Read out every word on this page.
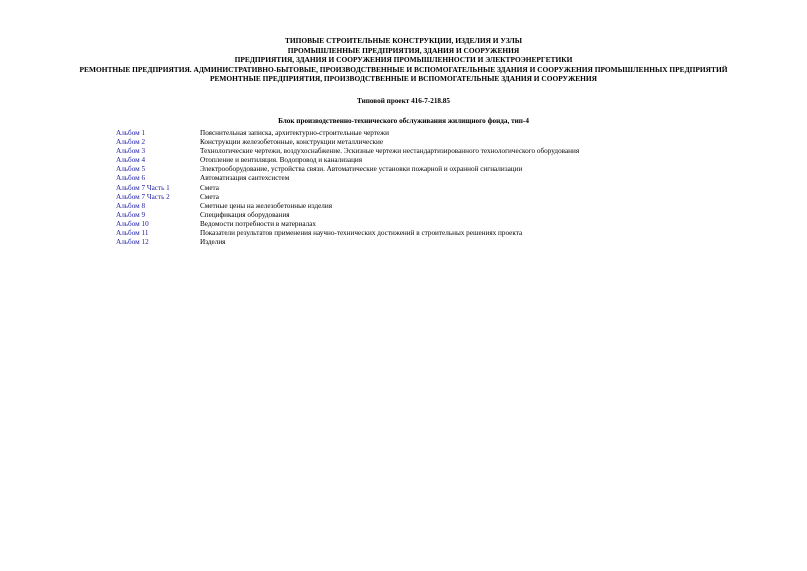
ТИПОВЫЕ СТРОИТЕЛЬНЫЕ КОНСТРУКЦИИ, ИЗДЕЛИЯ И УЗЛЫ
ПРОМЫШЛЕННЫЕ ПРЕДПРИЯТИЯ, ЗДАНИЯ И СООРУЖЕНИЯ
ПРЕДПРИЯТИЯ, ЗДАНИЯ И СООРУЖЕНИЯ ПРОМЫШЛЕННОСТИ И ЭЛЕКТРОЭНЕРГЕТИКИ
РЕМОНТНЫЕ ПРЕДПРИЯТИЯ. АДМИНИСТРАТИВНО-БЫТОВЫЕ, ПРОИЗВОДСТВЕННЫЕ И ВСПОМОГАТЕЛЬНЫЕ ЗДАНИЯ И СООРУЖЕНИЯ ПРОМЫШЛЕННЫХ ПРЕДПРИЯТИЙ
РЕМОНТНЫЕ ПРЕДПРИЯТИЯ, ПРОИЗВОДСТВЕННЫЕ И ВСПОМОГАТЕЛЬНЫЕ ЗДАНИЯ И СООРУЖЕНИЯ
Типовой проект 416-7-218.85
Блок производственно-технического обслуживания жилищного фонда, тип-4
Альбом 1	Пояснительная записка, архитектурно-строительные чертежи
Альбом 2	Конструкции железобетонные, конструкции металлические
Альбом 3	Технологические чертежи, воздухоснабжение. Эскизные чертежи нестандартизированного технологического оборудования
Альбом 4	Отопление и вентиляция. Водопровод и канализация
Альбом 5	Электрооборудование, устройства связи. Автоматические установки пожарной и охранной сигнализации
Альбом 6	Автоматизация сантехсистем
Альбом 7 Часть 1	Смета
Альбом 7 Часть 2	Смета
Альбом 8	Сметные цены на железобетонные изделия
Альбом 9	Спецификация оборудования
Альбом 10	Ведомости потребности в материалах
Альбом 11	Показатели результатов применения научно-технических достижений в строительных решениях проекта
Альбом 12	Изделия
